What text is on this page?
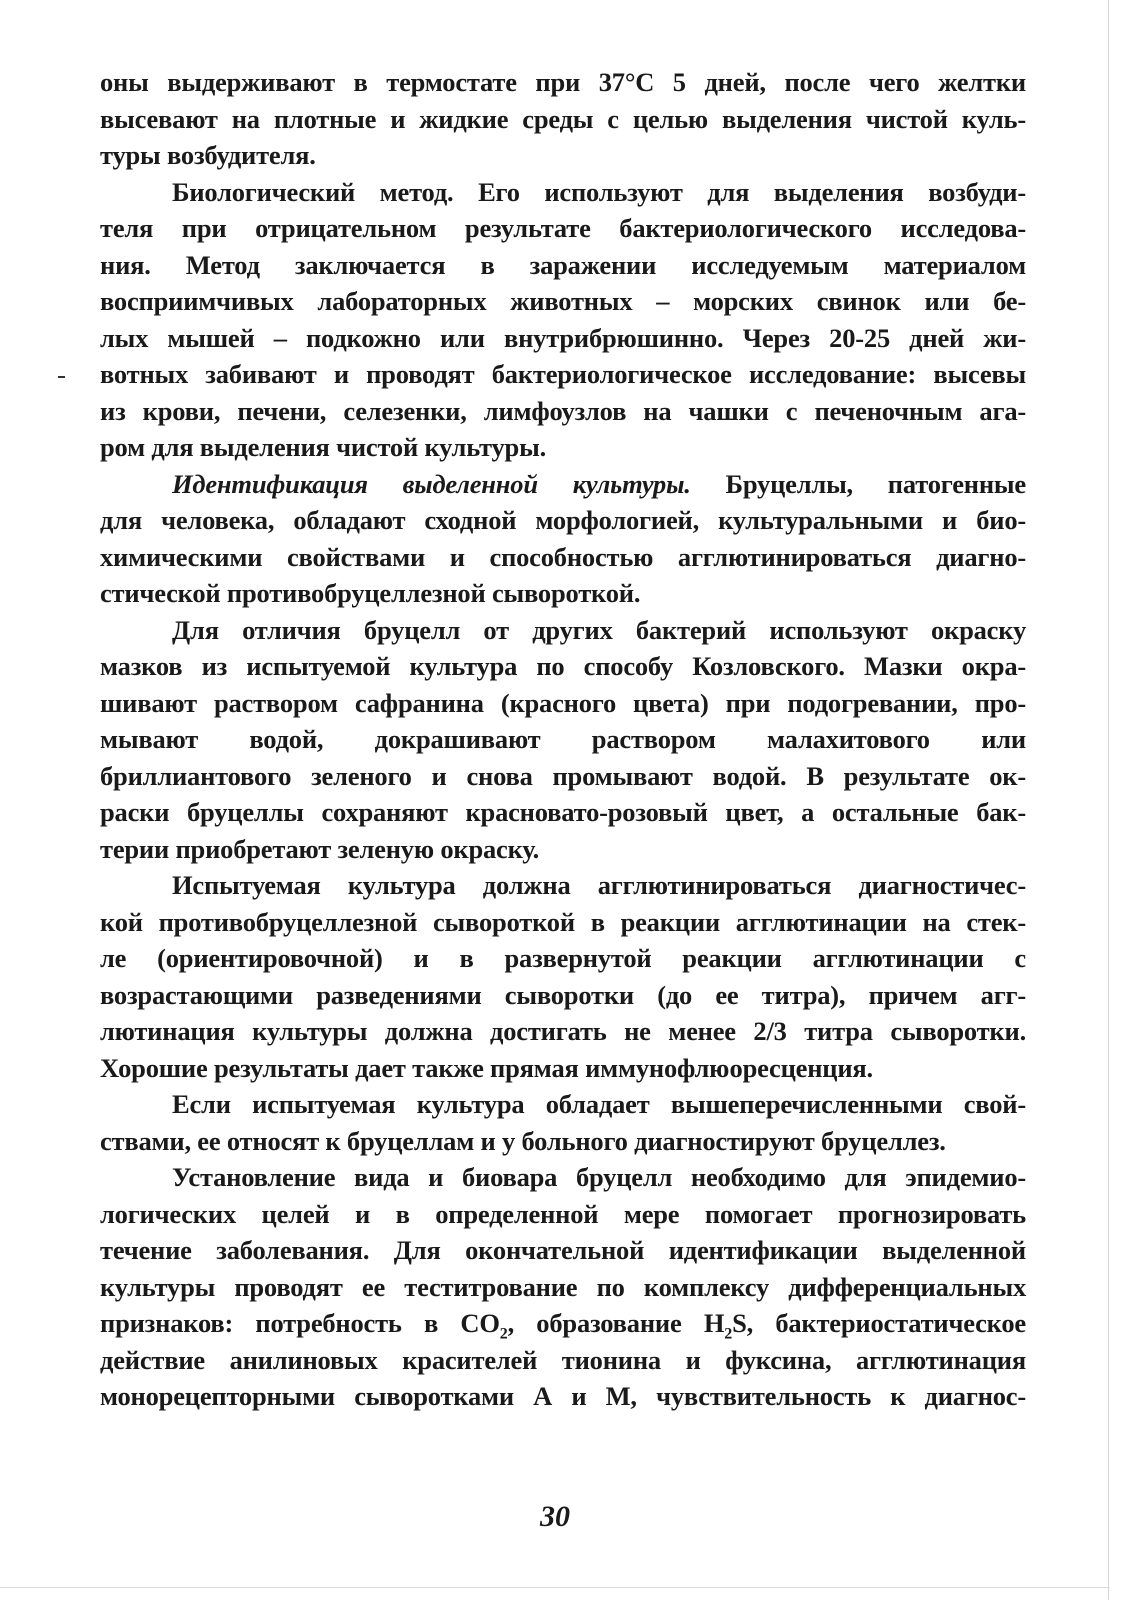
оны выдерживают в термостате при 37°С 5 дней, после чего желтки
высевают на плотные и жидкие среды с целью выделения чистой куль-
туры возбудителя.
Биологический метод. Его используют для выделения возбуди-
теля при отрицательном результате бактериологического исследова-
ния. Метод заключается в заражении исследуемым материалом
восприимчивых лабораторных животных – морских свинок или бе-
лых мышей – подкожно или внутрибрюшинно. Через 20-25 дней жи-
вотных забивают и проводят бактериологическое исследование: высевы
из крови, печени, селезенки, лимфоузлов на чашки с печеночным ага-
ром для выделения чистой культуры.
Идентификация выделенной культуры. Бруцеллы, патогенные
для человека, обладают сходной морфологией, культуральными и био-
химическими свойствами и способностью агглютинироваться диагно-
стической противобруцеллезной сывороткой.
Для отличия бруцелл от других бактерий используют окраску
мазков из испытуемой культура по способу Козловского. Мазки окра-
шивают раствором сафранина (красного цвета) при подогревании, про-
мывают водой, докрашивают раствором малахитового или
бриллиантового зеленого и снова промывают водой. В результате ок-
раски бруцеллы сохраняют красновато-розовый цвет, а остальные бак-
терии приобретают зеленую окраску.
Испытуемая культура должна агглютинироваться диагностичес-
кой противобруцеллезной сывороткой в реакции агглютинации на стек-
ле (ориентировочной) и в развернутой реакции агглютинации с
возрастающими разведениями сыворотки (до ее титра), причем агг-
лютинация культуры должна достигать не менее 2/3 титра сыворотки.
Хорошие результаты дает также прямая иммунофлюоресценция.
Если испытуемая культура обладает вышеперечисленными свой-
ствами, ее относят к бруцеллам и у больного диагностируют бруцеллез.
Установление вида и биовара бруцелл необходимо для эпидемио-
логических целей и в определенной мере помогает прогнозировать
течение заболевания. Для окончательной идентификации выделенной
культуры проводят ее теститрование по комплексу дифференциальных
признаков: потребность в $СО_2$, образование $Н_2S$, бактериостатическое
действие анилиновых красителей тионина и фуксина, агглютинация
монорецепторными сыворотками А и М, чувствительность к диагнос-
30
